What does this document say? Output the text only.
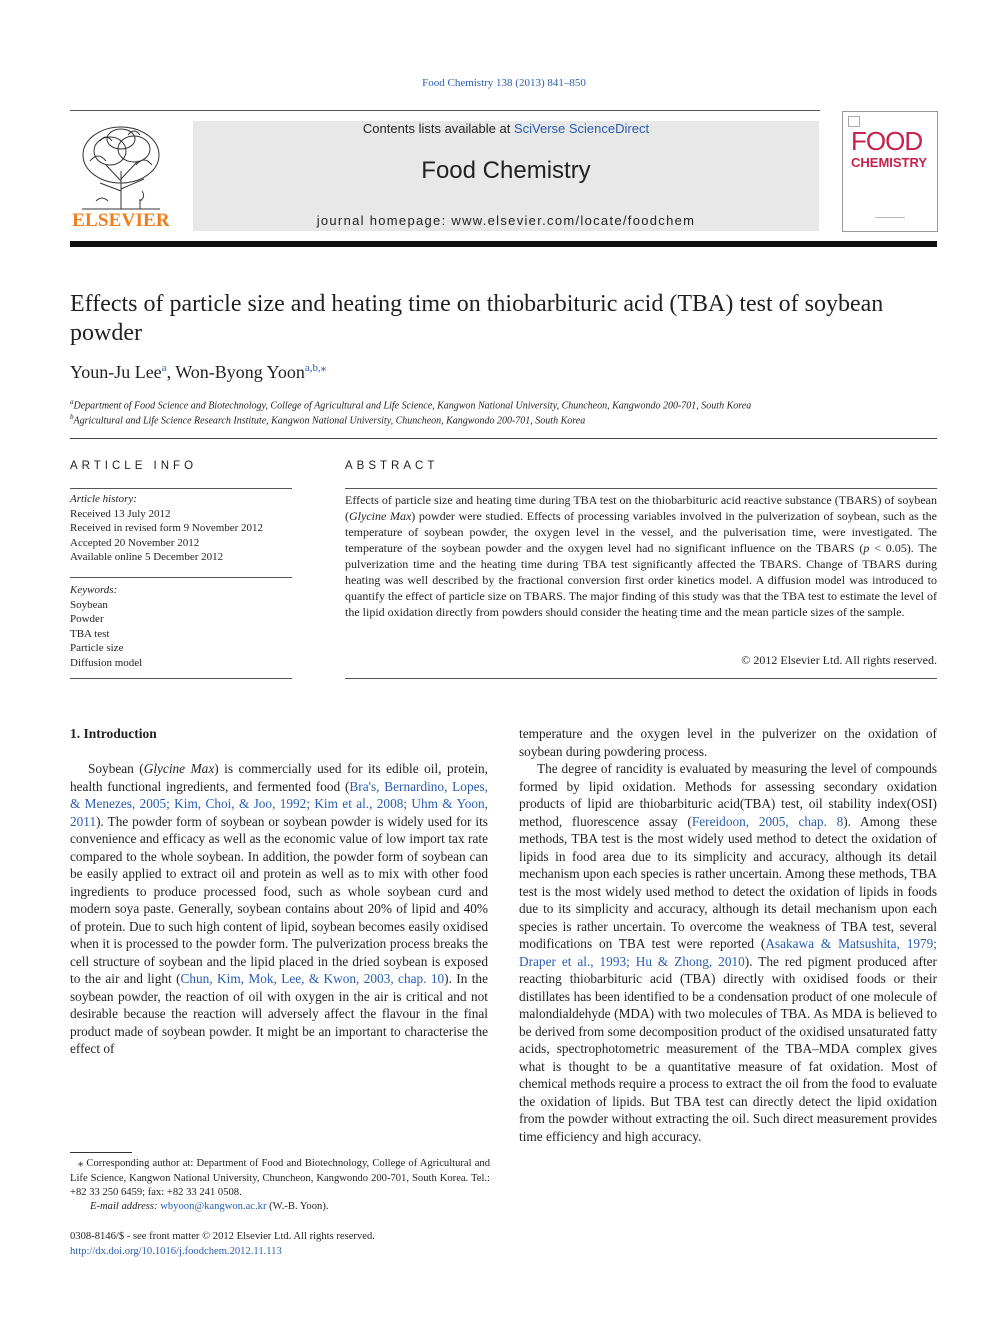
Food Chemistry 138 (2013) 841–850
ELSEVIER
Contents lists available at SciVerse ScienceDirect
Food Chemistry
journal homepage: www.elsevier.com/locate/foodchem
FOOD
CHEMISTRY
Effects of particle size and heating time on thiobarbituric acid (TBA) test of soybean powder
Youn-Ju Lee$^a$, Won-Byong Yoon$^{a,b,⁎}$
$^a$Department of Food Science and Biotechnology, College of Agricultural and Life Science, Kangwon National University, Chuncheon, Kangwondo 200-701, South Korea
$^b$Agricultural and Life Science Research Institute, Kangwon National University, Chuncheon, Kangwondo 200-701, South Korea
ARTICLE INFO
Article history:
Received 13 July 2012
Received in revised form 9 November 2012
Accepted 20 November 2012
Available online 5 December 2012
Keywords:
Soybean
Powder
TBA test
Particle size
Diffusion model
ABSTRACT
Effects of particle size and heating time during TBA test on the thiobarbituric acid reactive substance (TBARS) of soybean (Glycine Max) powder were studied. Effects of processing variables involved in the pulverization of soybean, such as the temperature of soybean powder, the oxygen level in the vessel, and the pulverisation time, were investigated. The temperature of the soybean powder and the oxygen level had no significant influence on the TBARS (p < 0.05). The pulverization time and the heating time during TBA test significantly affected the TBARS. Change of TBARS during heating was well described by the fractional conversion first order kinetics model. A diffusion model was introduced to quantify the effect of particle size on TBARS. The major finding of this study was that the TBA test to estimate the level of the lipid oxidation directly from powders should consider the heating time and the mean particle sizes of the sample.
© 2012 Elsevier Ltd. All rights reserved.
1. Introduction

Soybean (Glycine Max) is commercially used for its edible oil, protein, health functional ingredients, and fermented food (Bra's, Bernardino, Lopes, & Menezes, 2005; Kim, Choi, & Joo, 1992; Kim et al., 2008; Uhm & Yoon, 2011). The powder form of soybean or soybean powder is widely used for its convenience and efficacy as well as the economic value of low import tax rate compared to the whole soybean. In addition, the powder form of soybean can be easily applied to extract oil and protein as well as to mix with other food ingredients to produce processed food, such as whole soybean curd and modern soya paste. Generally, soybean contains about 20% of lipid and 40% of protein. Due to such high content of lipid, soybean becomes easily oxidised when it is processed to the powder form. The pulverization process breaks the cell structure of soybean and the lipid placed in the dried soybean is exposed to the air and light (Chun, Kim, Mok, Lee, & Kwon, 2003, chap. 10). In the soybean powder, the reaction of oil with oxygen in the air is critical and not desirable because the reaction will adversely affect the flavour in the final product made of soybean powder. It might be an important to characterise the effect of

temperature and the oxygen level in the pulverizer on the oxidation of soybean during powdering process.

The degree of rancidity is evaluated by measuring the level of compounds formed by lipid oxidation. Methods for assessing secondary oxidation products of lipid are thiobarbituric acid(TBA) test, oil stability index(OSI) method, fluorescence assay (Fereidoon, 2005, chap. 8). Among these methods, TBA test is the most widely used method to detect the oxidation of lipids in food area due to its simplicity and accuracy, although its detail mechanism upon each species is rather uncertain. Among these methods, TBA test is the most widely used method to detect the oxidation of lipids in foods due to its simplicity and accuracy, although its detail mechanism upon each species is rather uncertain. To overcome the weakness of TBA test, several modifications on TBA test were reported (Asakawa & Matsushita, 1979; Draper et al., 1993; Hu & Zhong, 2010). The red pigment produced after reacting thiobarbituric acid (TBA) directly with oxidised foods or their distillates has been identified to be a condensation product of one molecule of malondialdehyde (MDA) with two molecules of TBA. As MDA is believed to be derived from some decomposition product of the oxidised unsaturated fatty acids, spectrophotometric measurement of the TBA–MDA complex gives what is thought to be a quantitative measure of fat oxidation. Most of chemical methods require a process to extract the oil from the food to evaluate the oxidation of lipids. But TBA test can directly detect the lipid oxidation from the powder without extracting the oil. Such direct measurement provides time efficiency and high accuracy.

⁎ Corresponding author at: Department of Food and Biotechnology, College of Agricultural and Life Science, Kangwon National University, Chuncheon, Kangwondo 200-701, South Korea. Tel.: +82 33 250 6459; fax: +82 33 241 0508.
E-mail address: wbyoon@kangwon.ac.kr (W.-B. Yoon).
0308-8146/$ - see front matter © 2012 Elsevier Ltd. All rights reserved.
http://dx.doi.org/10.1016/j.foodchem.2012.11.113
